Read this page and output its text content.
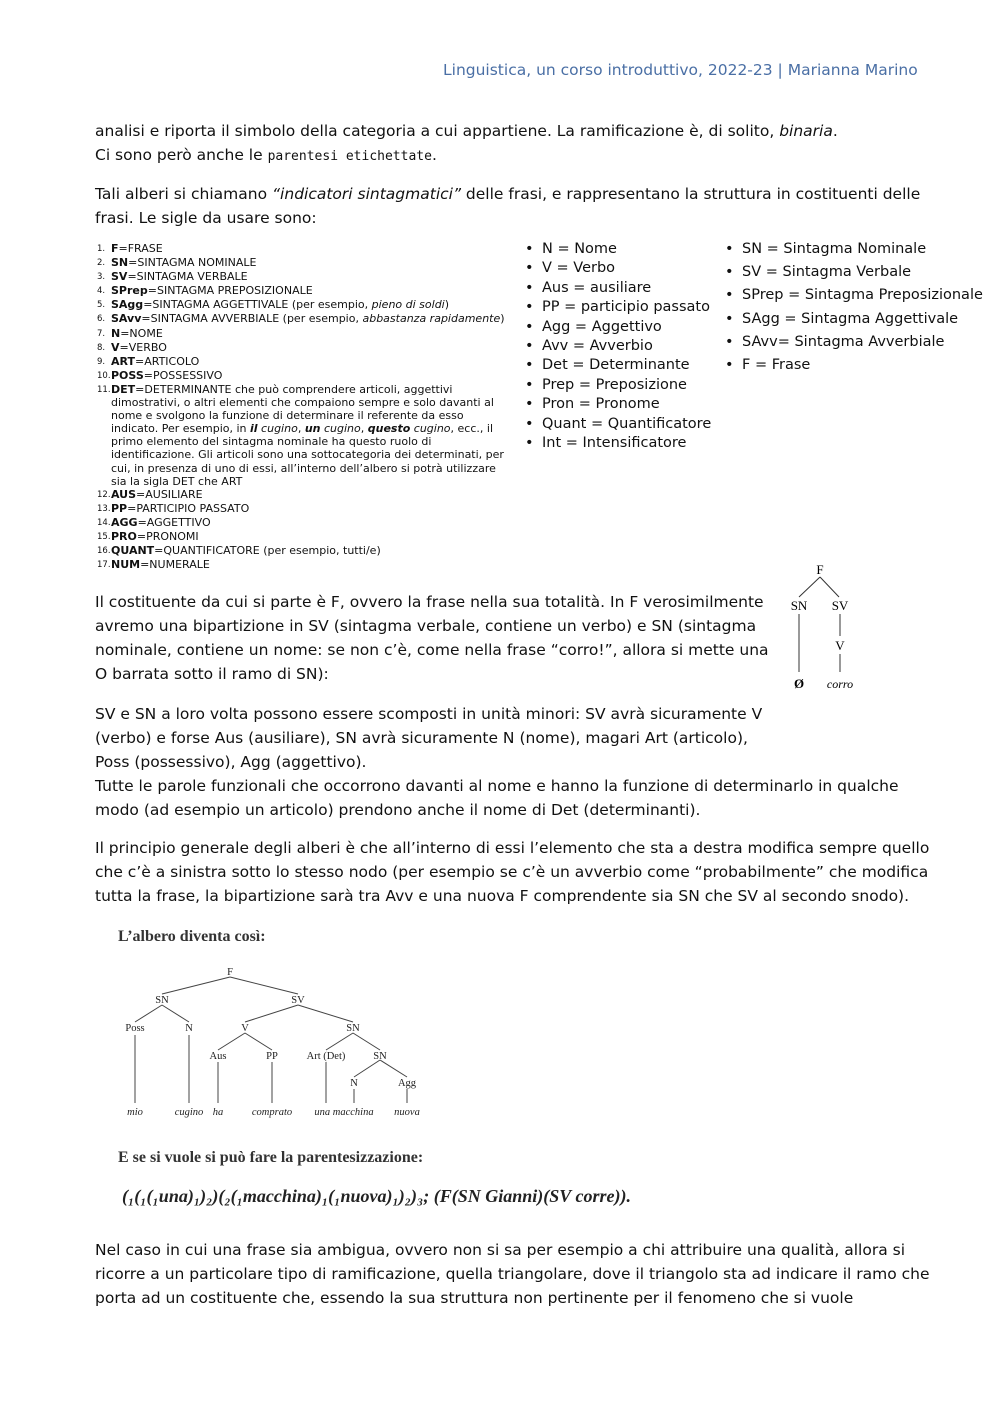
Linguistica, un corso introduttivo, 2022-23 | Marianna Marino

analisi e riporta il simbolo della categoria a cui appartiene. La ramificazione è, di solito, binaria.
Ci sono però anche le parentesi etichettate.

Tali alberi si chiamano “indicatori sintagmatici” delle frasi, e rappresentano la struttura in costituenti delle
frasi. Le sigle da usare sono:

1. F=FRASE
2. SN=SINTAGMA NOMINALE
3. SV=SINTAGMA VERBALE
4. SPrep=SINTAGMA PREPOSIZIONALE
5. SAgg=SINTAGMA AGGETTIVALE (per esempio, pieno di soldi)
6. SAvv=SINTAGMA AVVERBIALE (per esempio, abbastanza rapidamente)
7. N=NOME
8. V=VERBO
9. ART=ARTICOLO
10. POSS=POSSESSIVO
11. DET=DETERMINANTE che può comprendere articoli, aggettivi
dimostrativi, o altri elementi che compaiono sempre e solo davanti al
nome e svolgono la funzione di determinare il referente da esso
indicato. Per esempio, in il cugino, un cugino, questo cugino, ecc., il
primo elemento del sintagma nominale ha questo ruolo di
identificazione. Gli articoli sono una sottocategoria dei determinati, per
cui, in presenza di uno di essi, all’interno dell’albero si potrà utilizzare
sia la sigla DET che ART
12. AUS=AUSILIARE
13. PP=PARTICIPIO PASSATO
14. AGG=AGGETTIVO
15. PRO=PRONOMI
16. QUANT=QUANTIFICATORE (per esempio, tutti/e)
17. NUM=NUMERALE
• N = Nome
• V = Verbo
• Aus = ausiliare
• PP = participio passato
• Agg = Aggettivo
• Avv = Avverbio
• Det = Determinante
• Prep = Preposizione
• Pron = Pronome
• Quant = Quantificatore
• Int = Intensificatore
• SN = Sintagma Nominale
• SV = Sintagma Verbale
• SPrep = Sintagma Preposizionale
• SAgg = Sintagma Aggettivale
• SAvv= Sintagma Avverbiale
• F = Frase

Il costituente da cui si parte è F, ovvero la frase nella sua totalità. In F verosimilmente
avremo una bipartizione in SV (sintagma verbale, contiene un verbo) e SN (sintagma
nominale, contiene un nome: se non c’è, come nella frase “corro!”, allora si mette una
O barrata sotto il ramo di SN):

F
SN SV
V
Ø corro

SV e SN a loro volta possono essere scomposti in unità minori: SV avrà sicuramente V
(verbo) e forse Aus (ausiliare), SN avrà sicuramente N (nome), magari Art (articolo),
Poss (possessivo), Agg (aggettivo).
Tutte le parole funzionali che occorrono davanti al nome e hanno la funzione di determinarlo in qualche
modo (ad esempio un articolo) prendono anche il nome di Det (determinanti).

Il principio generale degli alberi è che all’interno di essi l’elemento che sta a destra modifica sempre quello
che c’è a sinistra sotto lo stesso nodo (per esempio se c’è un avverbio come “probabilmente” che modifica
tutta la frase, la bipartizione sarà tra Avv e una nuova F comprendente sia SN che SV al secondo snodo).

L’albero diventa così:
F
SN	SV
Poss	N	V	SN
Aus	PP	Art (Det)	SN
N	Agg
mio	cugino ha	comprato una macchina nuova
E se si vuole si può fare la parentesizzazione:
(₁(₁(₁una)₁)₂)(₂(₁macchina)₁(₁nuova)₁)₂)₃; (F(SN Gianni)(SV corre)).

Nel caso in cui una frase sia ambigua, ovvero non si sa per esempio a chi attribuire una qualità, allora si
ricorre a un particolare tipo di ramificazione, quella triangolare, dove il triangolo sta ad indicare il ramo che
porta ad un costituente che, essendo la sua struttura non pertinente per il fenomeno che si vuole
